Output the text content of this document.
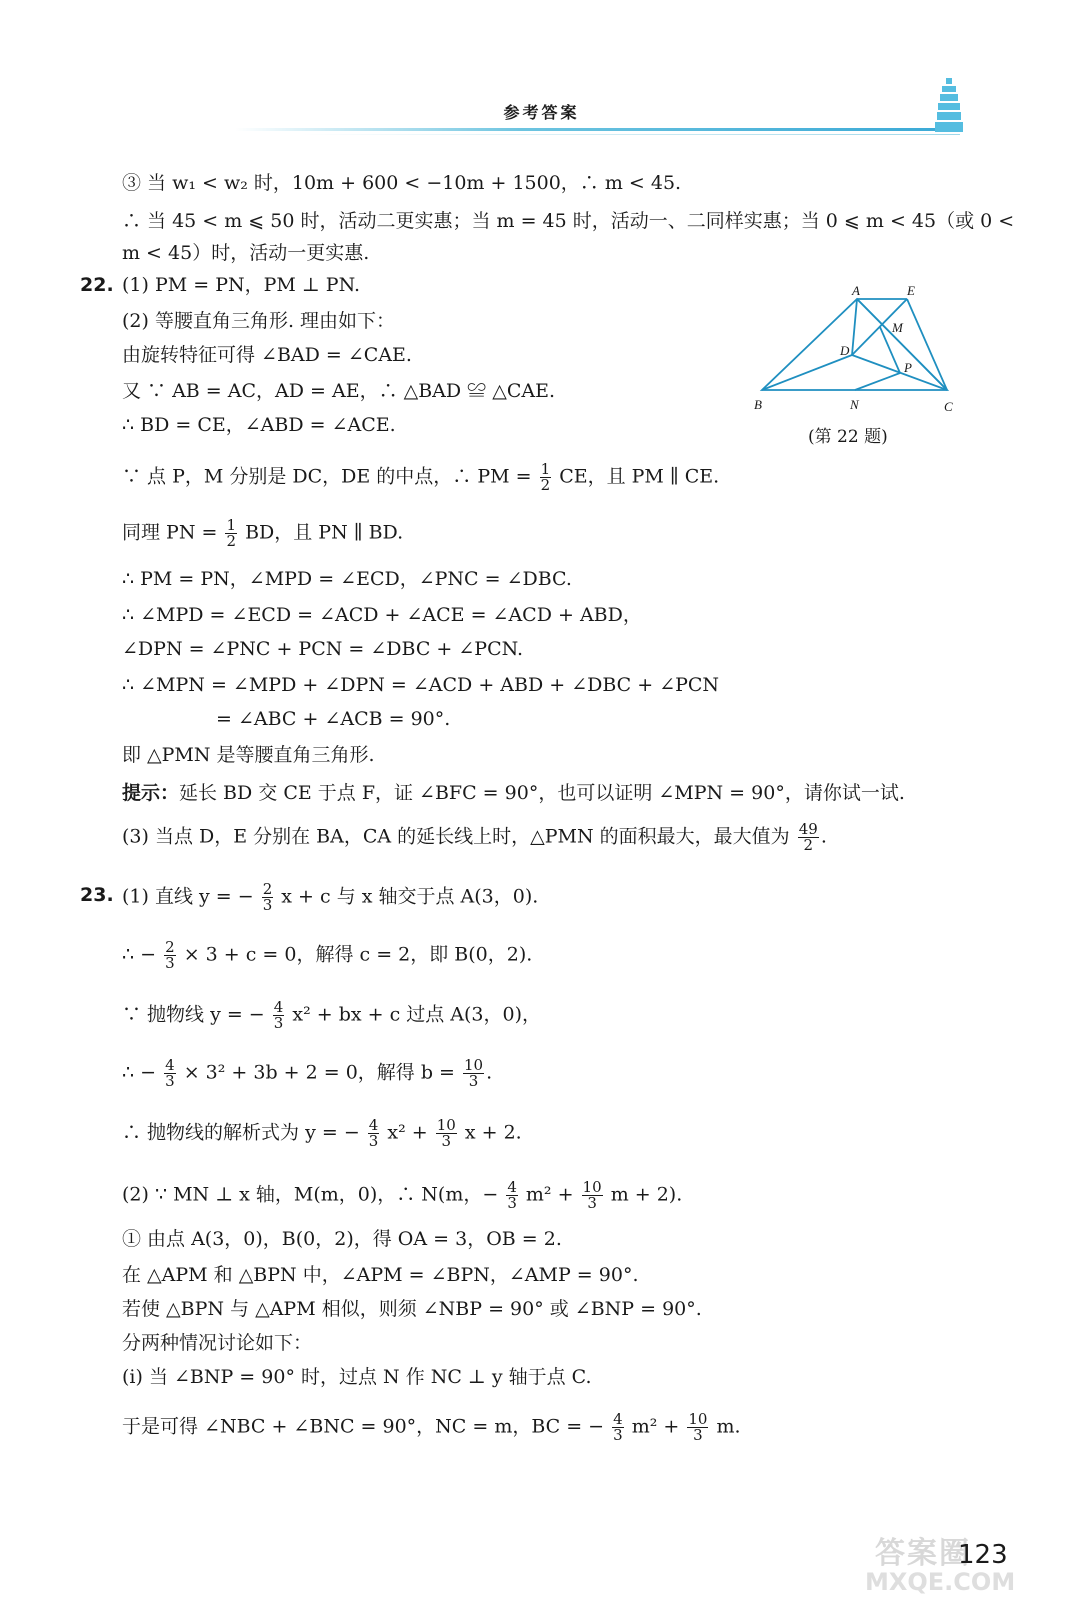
参考答案
③ 当 w₁ < w₂ 时，10m + 600 < −10m + 1500，∴ m < 45.
∴ 当 45 < m ⩽ 50 时，活动二更实惠；当 m = 45 时，活动一、二同样实惠；当 0 ⩽ m < 45（或 0 <
m < 45）时，活动一更实惠.
22. (1) PM = PN，PM ⊥ PN.
(2) 等腰直角三角形. 理由如下：
由旋转特征可得 ∠BAD = ∠CAE.
又 ∵ AB = AC，AD = AE，∴ △BAD ≌ △CAE.
∴ BD = CE，∠ABD = ∠ACE.
∵ 点 P，M 分别是 DC，DE 的中点，∴ PM = $\frac{1}{2}$ CE，且 PM ∥ CE.
同理 PN = $\frac{1}{2}$ BD，且 PN ∥ BD.
∴ PM = PN，∠MPD = ∠ECD，∠PNC = ∠DBC.
∴ ∠MPD = ∠ECD = ∠ACD + ∠ACE = ∠ACD + ABD，
∠DPN = ∠PNC + PCN = ∠DBC + ∠PCN.
∴ ∠MPN = ∠MPD + ∠DPN = ∠ACD + ABD + ∠DBC + ∠PCN
= ∠ABC + ∠ACB = 90°.
即 △PMN 是等腰直角三角形.
提示：延长 BD 交 CE 于点 F，证 ∠BFC = 90°，也可以证明 ∠MPN = 90°，请你试一试.
(3) 当点 D，E 分别在 BA，CA 的延长线上时，△PMN 的面积最大，最大值为 $\frac{49}{2}$ .
A	E
M
D
P
B	N	C
(第 22 题)
23. (1) 直线 y = − $\frac{2}{3}$ x + c 与 x 轴交于点 A(3，0).
∴ − $\frac{2}{3} \times 3 + c = 0$，解得 c = 2，即 B(0，2).
∵ 抛物线 y = − $\frac{4}{3} x^2$ + bx + c 过点 A(3，0)，
∴ − $\frac{4}{3} \times 3^2 + 3b + 2 = 0$，解得 $b = \frac{10}{3}$ .
∴ 抛物线的解析式为 y = − $\frac{4}{3} x^2 + \frac{10}{3}$ x + 2.
(2) ∵ MN ⊥ x 轴，M(m，0)，∴ N(m，− $\frac{4}{3} m^2 + \frac{10}{3}$ m + 2).
① 由点 A(3，0)，B(0，2)，得 OA = 3，OB = 2.
在 △APM 和 △BPN 中，∠APM = ∠BPN，∠AMP = 90°.
若使 △BPN 与 △APM 相似，则须 ∠NBP = 90° 或 ∠BNP = 90°.
分两种情况讨论如下：
(i) 当 ∠BNP = 90° 时，过点 N 作 NC ⊥ y 轴于点 C.
于是可得 ∠NBC + ∠BNC = 90°，NC = m，BC = − $\frac{4}{3} m^2 + \frac{10}{3} m$.
答案圈
MXQE.COM
123
